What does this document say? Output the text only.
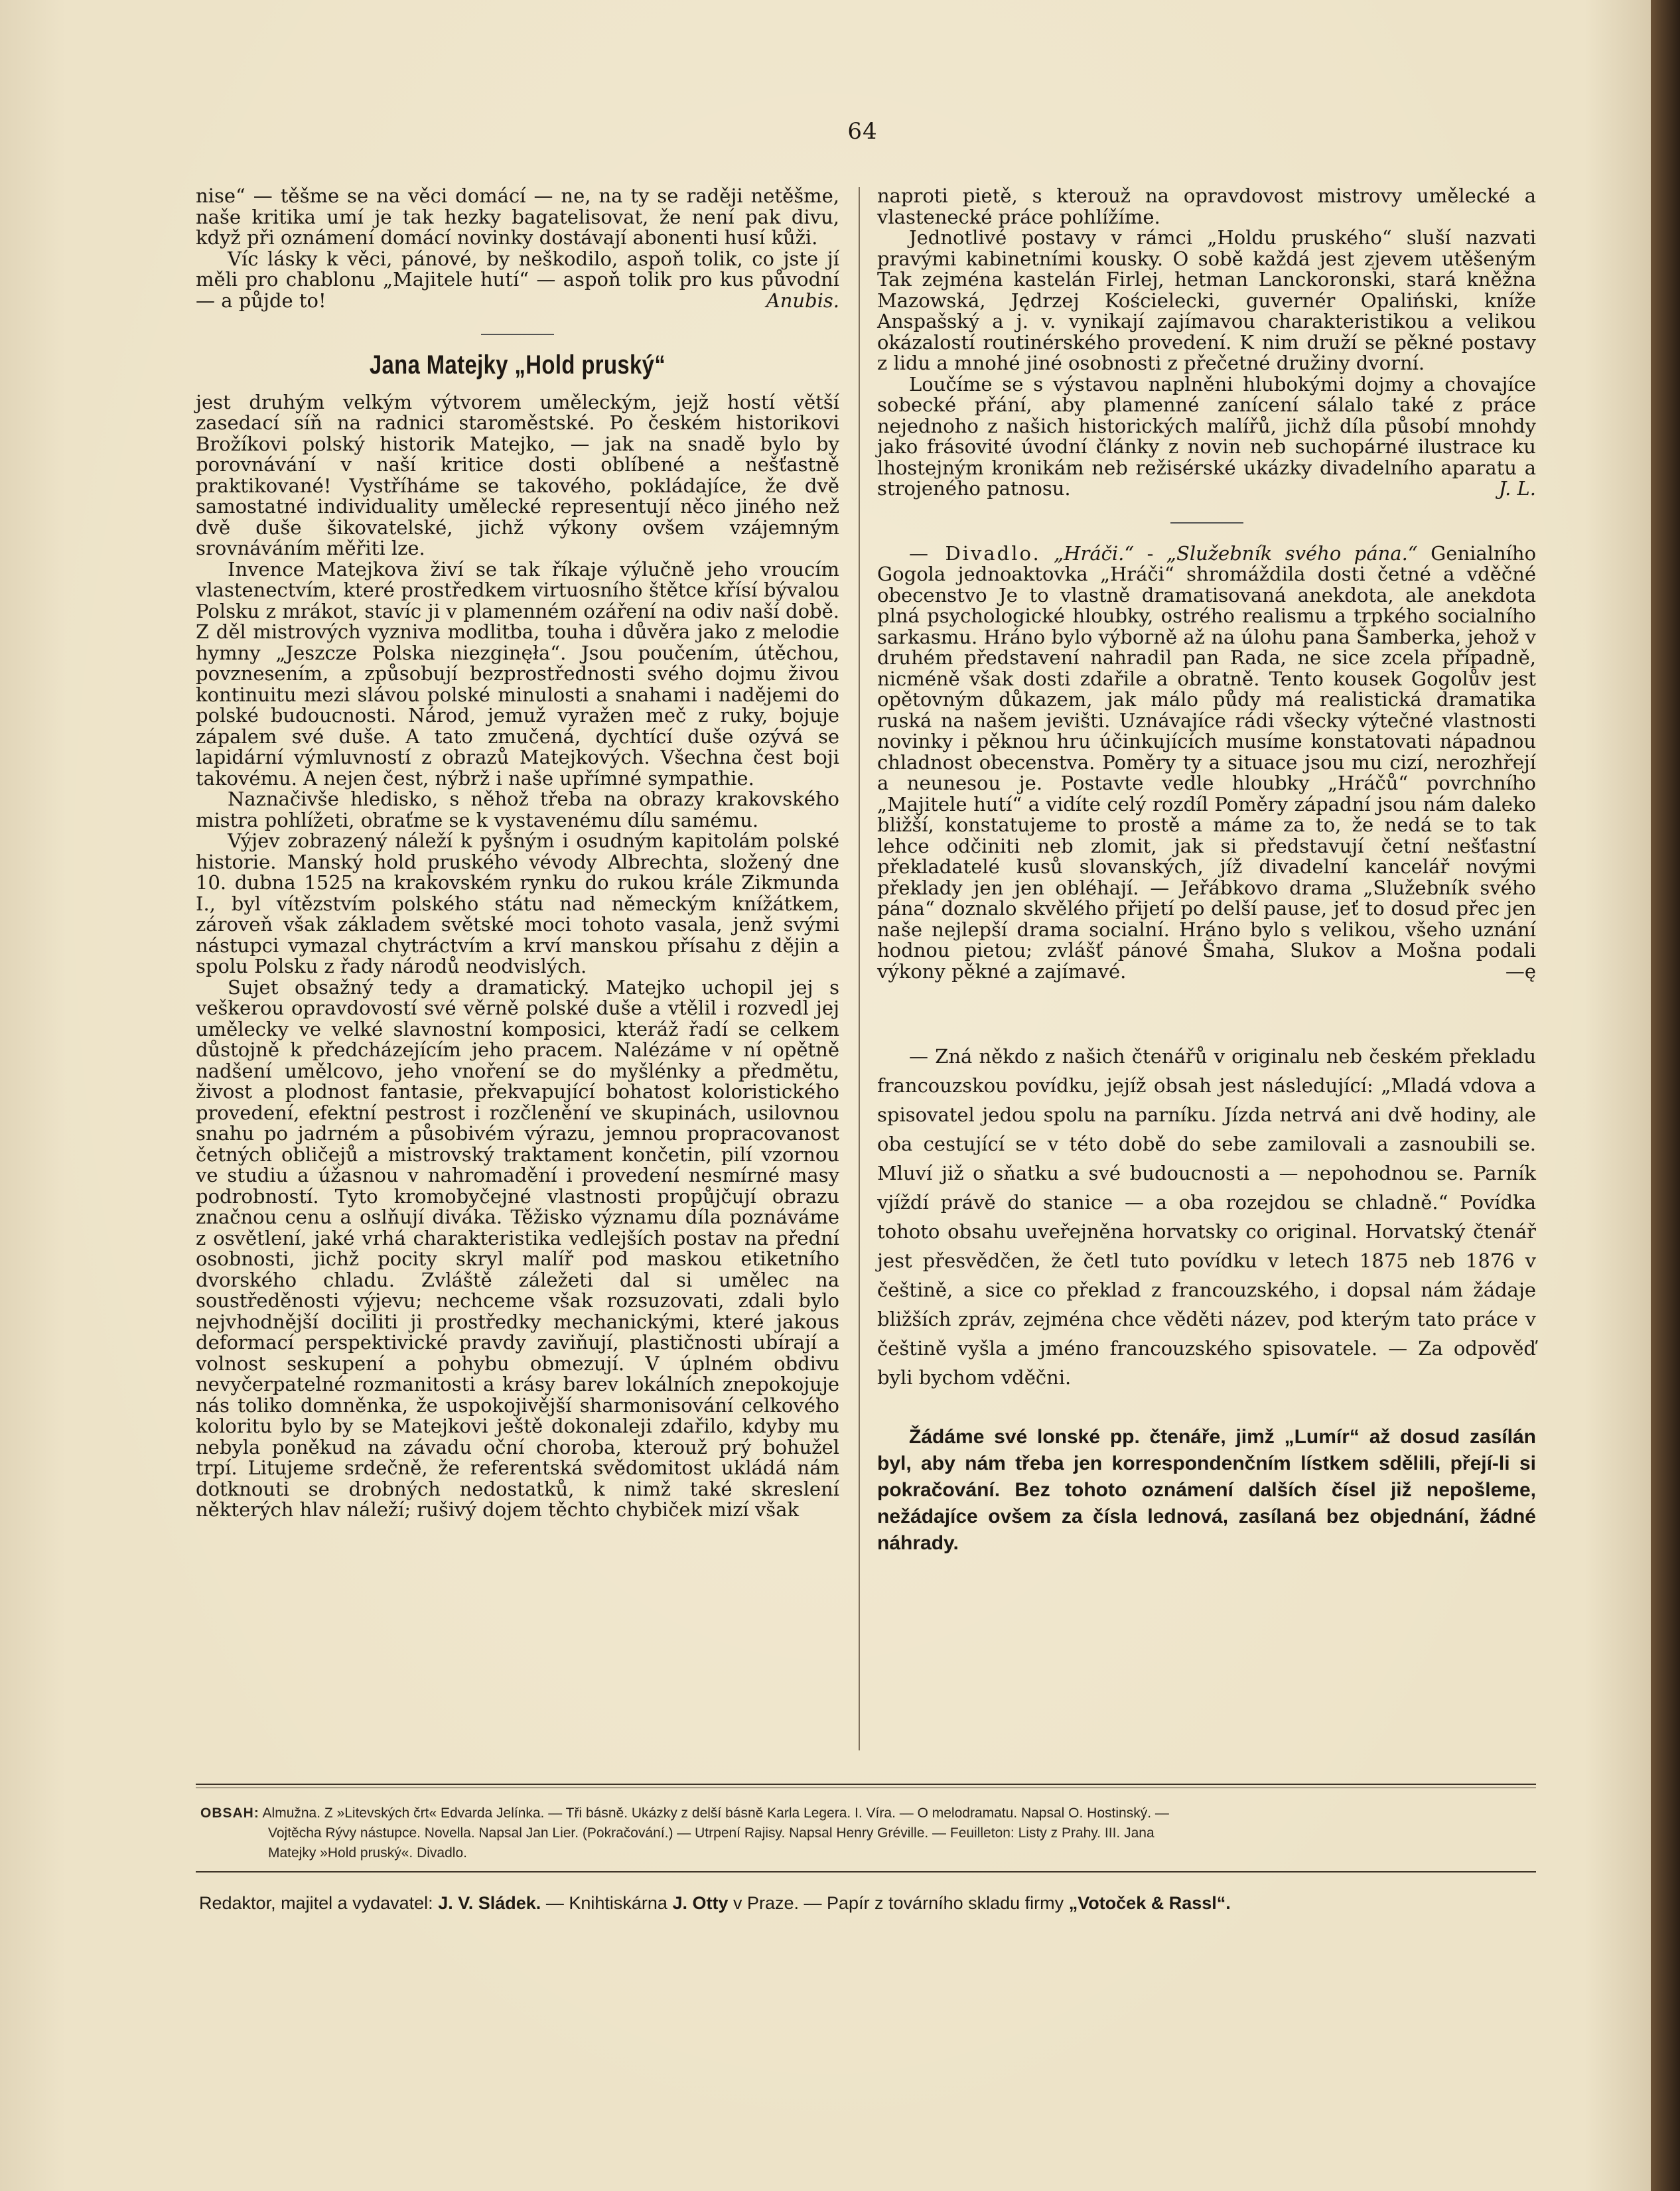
64

nise“ — těšme se na věci domácí — ne, na ty se raději netěšme, naše kritika umí je tak hezky bagatelisovat, že není pak divu, když při oznámení domácí novinky dostávají abonenti husí kůži.

Víc lásky k věci, pánové, by neškodilo, aspoň tolik, co jste jí měli pro chablonu „Majitele hutí“ — aspoň tolik pro kus původní — a půjde to!	Anubis.

Jana Matejky „Hold pruský“

jest druhým velkým výtvorem uměleckým, jejž hostí větší zasedací síň na radnici staroměstské. Po českém historikovi Brožíkovi polský historik Matejko, — jak na snadě bylo by porovnávání v naší kritice dosti oblíbené a nešťastně praktikované! Vystříháme se takového, pokládajíce, že dvě samostatné individuality umělecké representují něco jiného než dvě duše šikovatelské, jichž výkony ovšem vzájemným srovnáváním měřiti lze.

Invence Matejkova živí se tak říkaje výlučně jeho vroucím vlastenectvím, které prostředkem virtuosního štětce křísí bývalou Polsku z mrákot, stavíc ji v plamenném ozáření na odiv naší době. Z děl mistrových vyzniva modlitba, touha i důvěra jako z melodie hymny „Jeszcze Polska niezginęła“. Jsou poučením, útěchou, povznesením, a způsobují bezprostřednosti svého dojmu živou kontinuitu mezi slávou polské minulosti a snahami i nadějemi do polské budoucnosti. Národ, jemuž vyražen meč z ruky, bojuje zápalem své duše. A tato zmučená, dychtící duše ozývá se lapidární výmluvností z obrazů Matejkových. Všechna čest boji takovému. A nejen čest, nýbrž i naše upřímné sympathie.

Naznačivše hledisko, s něhož třeba na obrazy krakovského mistra pohlížeti, obraťme se k vystavenému dílu samému.

Výjev zobrazený náleží k pyšným i osudným kapitolám polské historie. Manský hold pruského vévody Albrechta, složený dne 10. dubna 1525 na krakovském rynku do rukou krále Zikmunda I., byl vítězstvím polského státu nad německým knížátkem, zároveň však základem světské moci tohoto vasala, jenž svými nástupci vymazal chytráctvím a krví manskou přísahu z dějin a spolu Polsku z řady národů neodvislých.

Sujet obsažný tedy a dramatický. Matejko uchopil jej s veškerou opravdovostí své věrně polské duše a vtělil i rozvedl jej umělecky ve velké slavnostní komposici, kteráž řadí se celkem důstojně k předcházejícím jeho pracem. Nalézáme v ní opětně nadšení umělcovo, jeho vnoření se do myšlénky a předmětu, živost a plodnost fantasie, překvapující bohatost koloristického provedení, efektní pestrost i rozčlenění ve skupinách, usilovnou snahu po jadrném a působivém výrazu, jemnou propracovanost četných obličejů a mistrovský traktament končetin, pilí vzornou ve studiu a úžasnou v nahromadění i provedení nesmírné masy podrobností. Tyto kromobyčejné vlastnosti propůjčují obrazu značnou cenu a oslňují diváka. Těžisko významu díla poznáváme z osvětlení, jaké vrhá charakteristika vedlejších postav na přední osobnosti, jichž pocity skryl malíř pod maskou etiketního dvorského chladu. Zvláště záležeti dal si umělec na soustředěnosti výjevu; nechceme však rozsuzovati, zdali bylo nejvhodnější dociliti ji prostředky mechanickými, které jakous deformací perspektivické pravdy zaviňují, plastičnosti ubírají a volnost seskupení a pohybu obmezují. V úplném obdivu nevyčerpatelné rozmanitosti a krásy barev lokálních znepokojuje nás toliko domněnka, že uspokojivější sharmonisování celkového koloritu bylo by se Matejkovi ještě dokonaleji zdařilo, kdyby mu nebyla poněkud na závadu oční choroba, kterouž prý bohužel trpí. Litujeme srdečně, že referentská svědomitost ukládá nám dotknouti se drobných nedostatků, k nimž také skreslení některých hlav náleží; rušivý dojem těchto chybiček mizí však

naproti pietě, s kterouž na opravdovost mistrovy umělecké a vlastenecké práce pohlížíme.

Jednotlivé postavy v rámci „Holdu pruského“ sluší nazvati pravými kabinetními kousky. O sobě každá jest zjevem utěšeným Tak zejména kastelán Firlej, hetman Lanckoronski, stará kněžna Mazowská, Jędrzej Kościelecki, guvernér Opaliński, kníže Anspašský a j. v. vynikají zajímavou charakteristikou a velikou okázalostí routinérského provedení. K nim druží se pěkné postavy z lidu a mnohé jiné osobnosti z přečetné družiny dvorní.

Loučíme se s výstavou naplněni hlubokými dojmy a chovajíce sobecké přání, aby plamenné zanícení sálalo také z práce nejednoho z našich historických malířů, jichž díla působí mnohdy jako frásovité úvodní články z novin neb suchopárné ilustrace ku lhostejným kronikám neb režisérské ukázky divadelního aparatu a strojeného patnosu.	J. L.

— Divadlo. „Hráči.“ - „Služebník svého pána.“ Genialního Gogola jednoaktovka „Hráči“ shromáždila dosti četné a vděčné obecenstvo Je to vlastně dramatisovaná anekdota, ale anekdota plná psychologické hloubky, ostrého realismu a trpkého socialního sarkasmu. Hráno bylo výborně až na úlohu pana Šamberka, jehož v druhém představení nahradil pan Rada, ne sice zcela případně, nicméně však dosti zdařile a obratně. Tento kousek Gogolův jest opětovným důkazem, jak málo půdy má realistická dramatika ruská na našem jevišti. Uznávajíce rádi všecky výtečné vlastnosti novinky i pěknou hru účinkujících musíme konstatovati nápadnou chladnost obecenstva. Poměry ty a situace jsou mu cizí, nerozhřejí a neunesou je. Postavte vedle hloubky „Hráčů“ povrchního „Majitele hutí“ a vidíte celý rozdíl Poměry západní jsou nám daleko bližší, konstatujeme to prostě a máme za to, že nedá se to tak lehce odčiniti neb zlomit, jak si představují četní nešťastní překladatelé kusů slovanských, jíž divadelní kancelář novými překlady jen jen obléhají. — Jeřábkovo drama „Služebník svého pána“ doznalo skvělého přijetí po delší pause, jeť to dosud přec jen naše nejlepší drama socialní. Hráno bylo s velikou, všeho uznání hodnou pietou; zvlášť pánové Šmaha, Slukov a Mošna podali výkony pěkné a zajímavé.	—ę

— Zná někdo z našich čtenářů v originalu neb českém překladu francouzskou povídku, jejíž obsah jest následující: „Mladá vdova a spisovatel jedou spolu na parníku. Jízda netrvá ani dvě hodiny, ale oba cestující se v této době do sebe zamilovali a zasnoubili se. Mluví již o sňatku a své budoucnosti a — nepohodnou se. Parník vjíždí právě do stanice — a oba rozejdou se chladně.“ Povídka tohoto obsahu uveřejněna horvatsky co original. Horvatský čtenář jest přesvědčen, že četl tuto povídku v letech 1875 neb 1876 v češtině, a sice co překlad z francouzského, i dopsal nám žádaje bližších zpráv, zejména chce věděti název, pod kterým tato práce v češtině vyšla a jméno francouzského spisovatele. — Za odpověď byli bychom vděčni.

Žádáme své lonské pp. čtenáře, jimž „Lumír“ až dosud zasílán byl, aby nám třeba jen korrespondenčním lístkem sdělili, přejí-li si pokračování. Bez tohoto oznámení dalších čísel již nepošleme, nežádajíce ovšem za čísla lednová, zasílaná bez objednání, žádné náhrady.

OBSAH: Almužna. Z »Litevských črt« Edvarda Jelínka. — Tři básně. Ukázky z delší básně Karla Legera. I. Víra. — O melodramatu. Napsal O. Hostinský. —
Vojtěcha Rývy nástupce. Novella. Napsal Jan Lier. (Pokračování.) — Utrpení Rajisy. Napsal Henry Gréville. — Feuilleton: Listy z Prahy. III. Jana
Matejky »Hold pruský«. Divadlo.
Redaktor, majitel a vydavatel: J. V. Sládek. — Knihtiskárna J. Otty v Praze. — Papír z továrního skladu firmy „Votoček & Rassl“.
